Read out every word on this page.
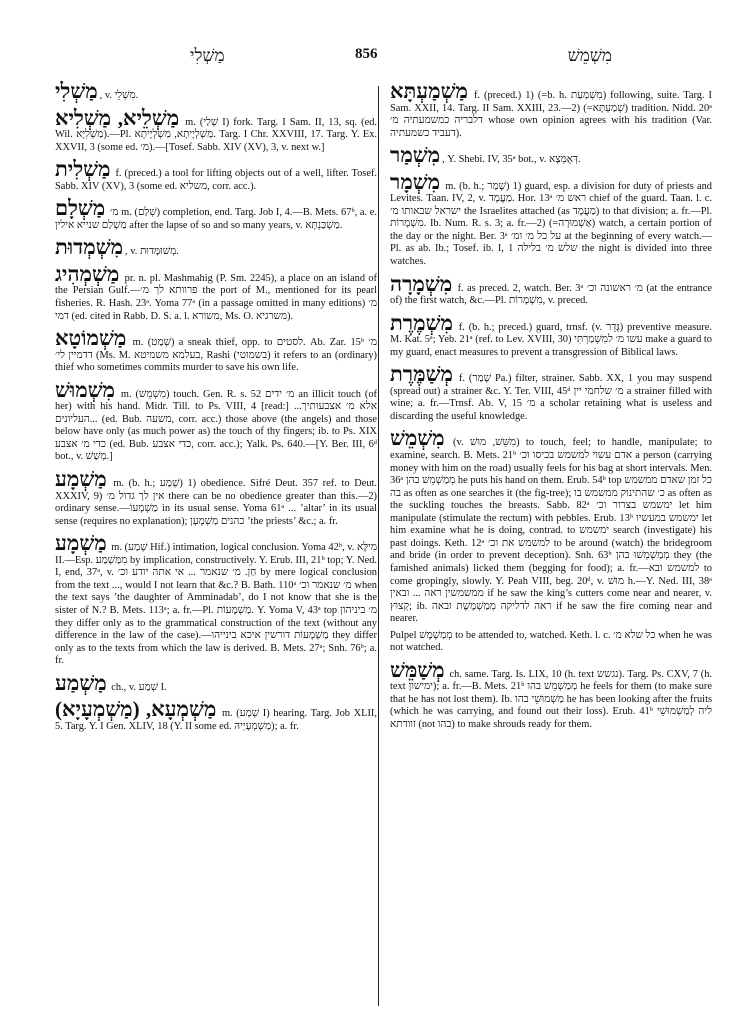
מַשְׁלִי	856	מִשְׁמֵשׁ

מַשְׁלִי , v. מִשְׁלֵי.

מַשְׁלֵיא, מַשְׁלִיא m. (שְׁלַי I) fork. Targ. I Sam. II, 13, sq. (ed. Wil. מַשְׁלִיָּא).—Pl. מַשְׁלְיָיתָא, מַשְׁלְיָיתָא. Targ. I Chr. XXVIII, 17. Targ. Y. Ex. XXVII, 3 (some ed. מ׳).—[Tosef. Sabb. XIV (XV), 3, v. next w.]

מַשְׁלִית f. (preced.) a tool for lifting objects out of a well, lifter. Tosef. Sabb. XIV (XV), 3 (some ed. משליא, corr. acc.).

מַשְׁלָם מ׳ m. (שְׁלַם) completion, end. Targ. Job I, 4.—B. Mets. 67ᵇ, a. e. מַשְׁלַם שנייא אילין after the lapse of so and so many years, v. מַשְׁכַּנְתָּא.

מִשְׁמְדוּת , v. מְשׁוּמָּדוּת.

מַשְׁמְהִיג pr. n. pl. Mashmahig (P. Sm. 2245), a place on an island of the Persian Gulf.—פרוותא לך מ׳ the port of M., mentioned for its pearl fisheries. R. Hash. 23ᵃ. Yoma 77ᵃ (in a passage omitted in many editions) מ׳ דמי (ed. cited in Rabb. D. S. a. l. משורא, Ms. O. משרגיא).

מַשְׁמוֹטָא m. (שְׁמַט) a sneak thief, opp. to לסטים. Ab. Zar. 15ᵇ מ׳ דדמיין לי׳ (Ms. M. בעלמא משמיטא, Rashi (בשמוטי) it refers to an (ordinary) thief who sometimes commits murder to save his own life.

מִשְׁמוּשׁ m. (מִשְׁמֵשׁ) touch. Gen. R. s. 52 מ׳ ידים an illicit touch (of her) with his hand. Midr. Till. to Ps. VIII, 4 [read:] ...אלא מ׳ אצבעותיך ...העליונים (ed. Bub. משעה, corr. acc.) those above (the angels) and those below have only (as much power as) the touch of thy fingers; ib. to Ps. XIX כדי מ׳ אצבע (ed. Bub. כדי אצבע, corr. acc.); Yalk. Ps. 640.—[Y. Ber. III, 6ᵈ bot., v. מְשַׁשׁ.]

מַשְׁמָע m. (b. h.; שְׁמַע) 1) obedience. Sifré Deut. 357 ref. to Deut. XXXIV, 9) אין לך גדול מ׳ there can be no obedience greater than this.—2) ordinary sense.—מַשְׁמָעוֹ in its usual sense. Yoma 61ᵃ ... ’altar’ in its usual sense (requires no explanation); כהנים מַשְׁמָעָן ’the priests’ &c.; a. fr.

מַשְׁמָע m. (שְׁמַע Hif.) intimation, logical conclusion. Yoma 42ᵇ, v. מִילָּא II.—Esp. מִמַּשְׁמַע by implication, constructively. Y. Erub. III, 21ᵇ top; Y. Ned. I, end, 37ᵃ, v. חַן. מ׳ שנאמר ... אי אתה יודע וכ׳ by mere logical conclusion from the text ..., would I not learn that &c.? B. Bath. 110ᵃ מ׳ שנאמר וכ׳ when the text says ’the daughter of Amminadab’, do I not know that she is the sister of N.? B. Mets. 113ᵃ; a. fr.—Pl. מַשְׁמָעוֹת. Y. Yoma V, 43ᵃ top מ׳ ביניהון they differ only as to the grammatical construction of the text (without any difference in the law of the case).—מַשְׁמָעוֹת דורשין איכא בינייהו they differ only as to the texts from which the law is derived. B. Mets. 27ᵃ; Snh. 76ᵇ; a. fr.

מַשְׁמַע ch., v. שְׁמַע I.

מַשְׁמְעָא, (מַשְׁמְעָיָא) m. (שְׁמַע I) hearing. Targ. Job XLII, 5. Targ. Y. I Gen. XLIV, 18 (Y. II some ed. מַשְׁמְעָיְיהּ); a. fr.

מַשְׁמַעְתָּא f. (preced.) 1) (=b. h. מִשְׁמַעַת) following, suite. Targ. I Sam. XXII, 14. Targ. II Sam. XXIII, 23.—2) (=שְׁמַעְתָּא) tradition. Nidd. 20ᵃ דלבריה כמשמעתיה מ׳ whose own opinion agrees with his tradition (Var. דעביד כשמעתיה).

מִשְׁמַר , Y. Shebi. IV, 35ᵃ bot., v. דְּאֻמְּצָא.

מִשְׁמָר m. (b. h.; שָׁמַר) 1) guard, esp. a division for duty of priests and Levites. Taan. IV, 2, v. מַעֲמָד. Hor. 13ᵃ ראש מ׳ chief of the guard. Taan. l. c. ישראל שבאותו מ׳ the Israelites attached (as מַעֲמָד) to that division; a. fr.—Pl. מִשְׁמָרוֹת. Ib. Num. R. s. 3; a. fr.—2) (=אַשְׁמוּרָה) watch, a certain portion of the day or the night. Ber. 3ᵃ על כל מ׳ ומ׳ at the beginning of every watch.—Pl. as ab. Ib.; Tosef. ib. I, 1 שלש מ׳ בלילה the night is divided into three watches.

מִשְׁמָרָה f. as preced. 2, watch. Ber. 3ᵃ מ׳ ראשונה וכ׳ (at the entrance of) the first watch, &c.—Pl. מִשְׁמָרוֹת, v. preced.

מִשְׁמֶרֶת f. (b. h.; preced.) guard, trnsf. (v. גָּדֵר) preventive measure. M. Kat. 5ᵃ; Yeb. 21ᵃ (ref. to Lev. XVIII, 30) עשו מ׳ למִשְׁמַרְתִּי make a guard to my guard, enact measures to prevent a transgression of Biblical laws.

מְשַׁמֶּרֶת f. (שָׁמַר Pa.) filter, strainer. Sabb. XX, 1 you may suspend (spread out) a strainer &c. Y. Ter. VIII, 45ᵈ מ׳ שלחמי יין a strainer filled with wine; a. fr.—Trnsf. Ab. V, 15 מ׳ a scholar retaining what is useless and discarding the useful knowledge.

מִשְׁמֵשׁ (v. מִשֵּׁשׁ, מוּשׁ) to touch, feel; to handle, manipulate; to examine, search. B. Mets. 21ᵇ אדם עשוי למשמש בכיסו וכ׳ a person (carrying money with him on the road) usually feels for his bag at short intervals. Men. 36ᵃ מְמַשְׁמֵשׁ בהן he puts his hand on them. Erub. 54ᵇ top כל זמן שאדם ממשמש בה as often as one searches it (the fig-tree); כ׳ שהתינוק ממשמש בו as often as the suckling touches the breasts. Sabb. 82ᵃ ימשמש בצרור וכ׳ let him manipulate (stimulate the rectum) with pebbles. Erub. 13ᵇ ימשמש במעשיו let him examine what he is doing, contrad. to ימשמש search (investigate) his past doings. Keth. 12ᵃ למשמש את וכ׳ to be around (watch) the bridegroom and bride (in order to prevent deception). Snh. 63ᵇ מְמַשְׁמְשׁוּ בהן they (the famished animals) licked them (begging for food); a. fr.—למשמש ובא to come gropingly, slowly. Y. Peah VIII, beg. 20ᵈ, v. מוּשׁ h.—Y. Ned. III, 38ᵃ ממשמשין ראה ... ובאין if he saw the king’s cutters come near and nearer, v. קְצוּץ; ib. ראה לדליקה מְמַשְׁמֶשֶׁת ובאה if he saw the fire coming near and nearer.

Pulpel מְמַשְׁמָשׁ to be attended to, watched. Keth. l. c. כל שלא מ׳ when he was not watched.

מְשַׁמֵּשׁ ch. same. Targ. Is. LIX, 10 (h. text נגשש). Targ. Ps. CXV, 7 (h. text ימישון); a. fr.—B. Mets. 21ᵇ מְמַשְׁמֵשׁ בהו he feels for them (to make sure that he has not lost them). Ib. מַשְׁמוּשֵׁי בהו he has been looking after the fruits (which he was carrying, and found out their loss). Erub. 41ᵇ ליה לְמַשְׁמוּשֵׁי זוודתא (not בהו) to make shrouds ready for them.
